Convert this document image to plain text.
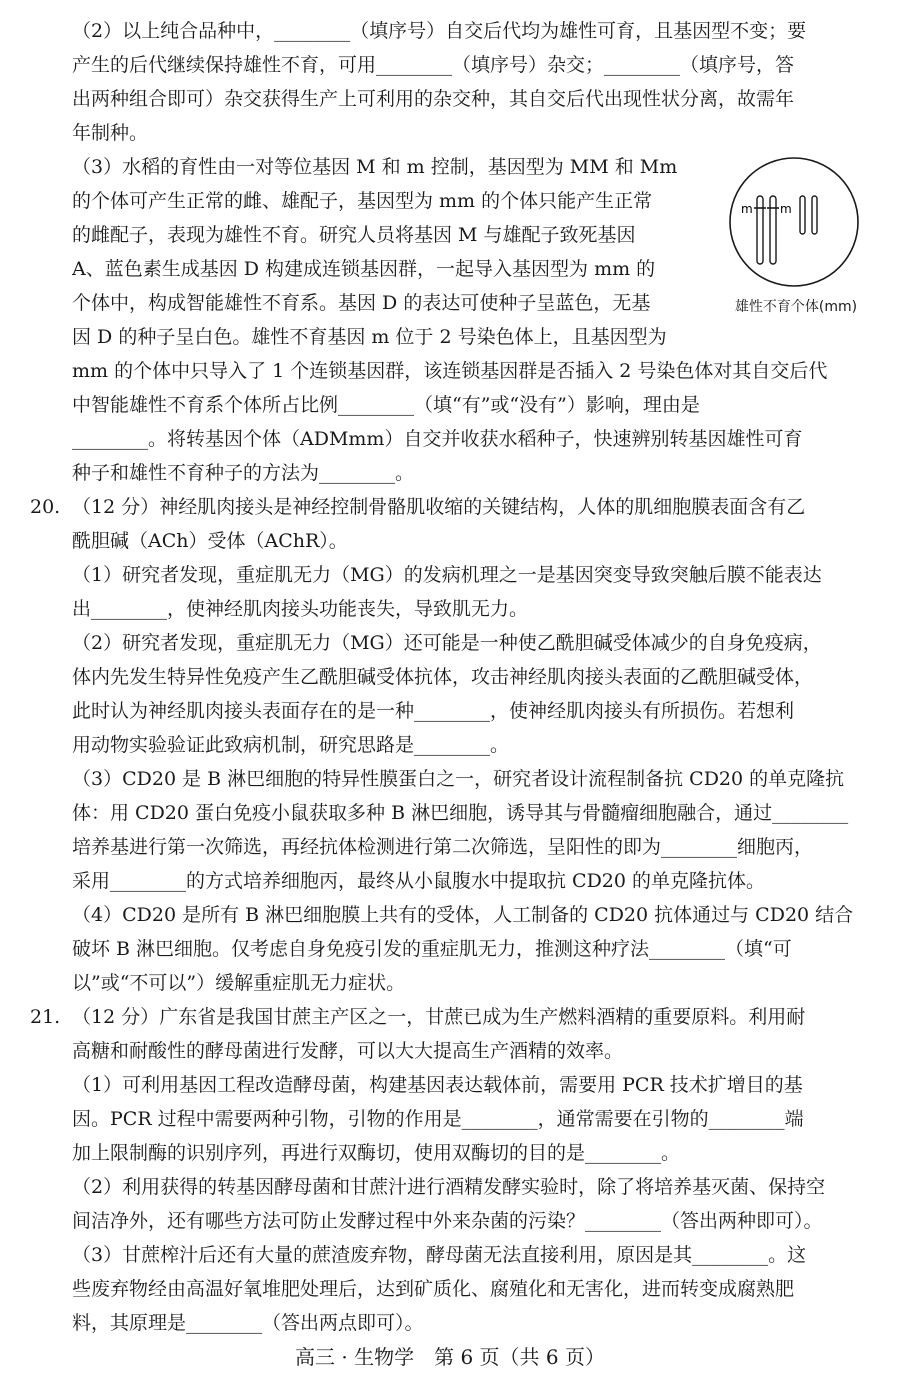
（2）以上纯合品种中，________（填序号）自交后代均为雄性可育，且基因型不变；要
产生的后代继续保持雄性不育，可用________（填序号）杂交；________（填序号，答
出两种组合即可）杂交获得生产上可利用的杂交种，其自交后代出现性状分离，故需年
年制种。
（3）水稻的育性由一对等位基因 M 和 m 控制，基因型为 MM 和 Mm
的个体可产生正常的雌、雄配子，基因型为 mm 的个体只能产生正常
的雌配子，表现为雄性不育。研究人员将基因 M 与雄配子致死基因
A、蓝色素生成基因 D 构建成连锁基因群，一起导入基因型为 mm 的
个体中，构成智能雄性不育系。基因 D 的表达可使种子呈蓝色，无基
因 D 的种子呈白色。雄性不育基因 m 位于 2 号染色体上，且基因型为
m m
雄性不育个体(mm)
mm 的个体中只导入了 1 个连锁基因群，该连锁基因群是否插入 2 号染色体对其自交后代
中智能雄性不育系个体所占比例________（填“有”或“没有”）影响，理由是
________。将转基因个体（ADMmm）自交并收获水稻种子，快速辨别转基因雄性可育
种子和雄性不育种子的方法为________。
20. （12 分）神经肌肉接头是神经控制骨骼肌收缩的关键结构，人体的肌细胞膜表面含有乙
酰胆碱（ACh）受体（AChR）。
（1）研究者发现，重症肌无力（MG）的发病机理之一是基因突变导致突触后膜不能表达
出________，使神经肌肉接头功能丧失，导致肌无力。
（2）研究者发现，重症肌无力（MG）还可能是一种使乙酰胆碱受体减少的自身免疫病，
体内先发生特异性免疫产生乙酰胆碱受体抗体，攻击神经肌肉接头表面的乙酰胆碱受体，
此时认为神经肌肉接头表面存在的是一种________，使神经肌肉接头有所损伤。若想利
用动物实验验证此致病机制，研究思路是________。
（3）CD20 是 B 淋巴细胞的特异性膜蛋白之一，研究者设计流程制备抗 CD20 的单克隆抗
体：用 CD20 蛋白免疫小鼠获取多种 B 淋巴细胞，诱导其与骨髓瘤细胞融合，通过________
培养基进行第一次筛选，再经抗体检测进行第二次筛选，呈阳性的即为________细胞丙，
采用________的方式培养细胞丙，最终从小鼠腹水中提取抗 CD20 的单克隆抗体。
（4）CD20 是所有 B 淋巴细胞膜上共有的受体，人工制备的 CD20 抗体通过与 CD20 结合
破坏 B 淋巴细胞。仅考虑自身免疫引发的重症肌无力，推测这种疗法________（填“可
以”或“不可以”）缓解重症肌无力症状。
21. （12 分）广东省是我国甘蔗主产区之一，甘蔗已成为生产燃料酒精的重要原料。利用耐
高糖和耐酸性的酵母菌进行发酵，可以大大提高生产酒精的效率。
（1）可利用基因工程改造酵母菌，构建基因表达载体前，需要用 PCR 技术扩增目的基
因。PCR 过程中需要两种引物，引物的作用是________，通常需要在引物的________端
加上限制酶的识别序列，再进行双酶切，使用双酶切的目的是________。
（2）利用获得的转基因酵母菌和甘蔗汁进行酒精发酵实验时，除了将培养基灭菌、保持空
间洁净外，还有哪些方法可防止发酵过程中外来杂菌的污染？________（答出两种即可）。
（3）甘蔗榨汁后还有大量的蔗渣废弃物，酵母菌无法直接利用，原因是其________。这
些废弃物经由高温好氧堆肥处理后，达到矿质化、腐殖化和无害化，进而转变成腐熟肥
料，其原理是________（答出两点即可）。
高三 · 生物学　第 6 页（共 6 页）
